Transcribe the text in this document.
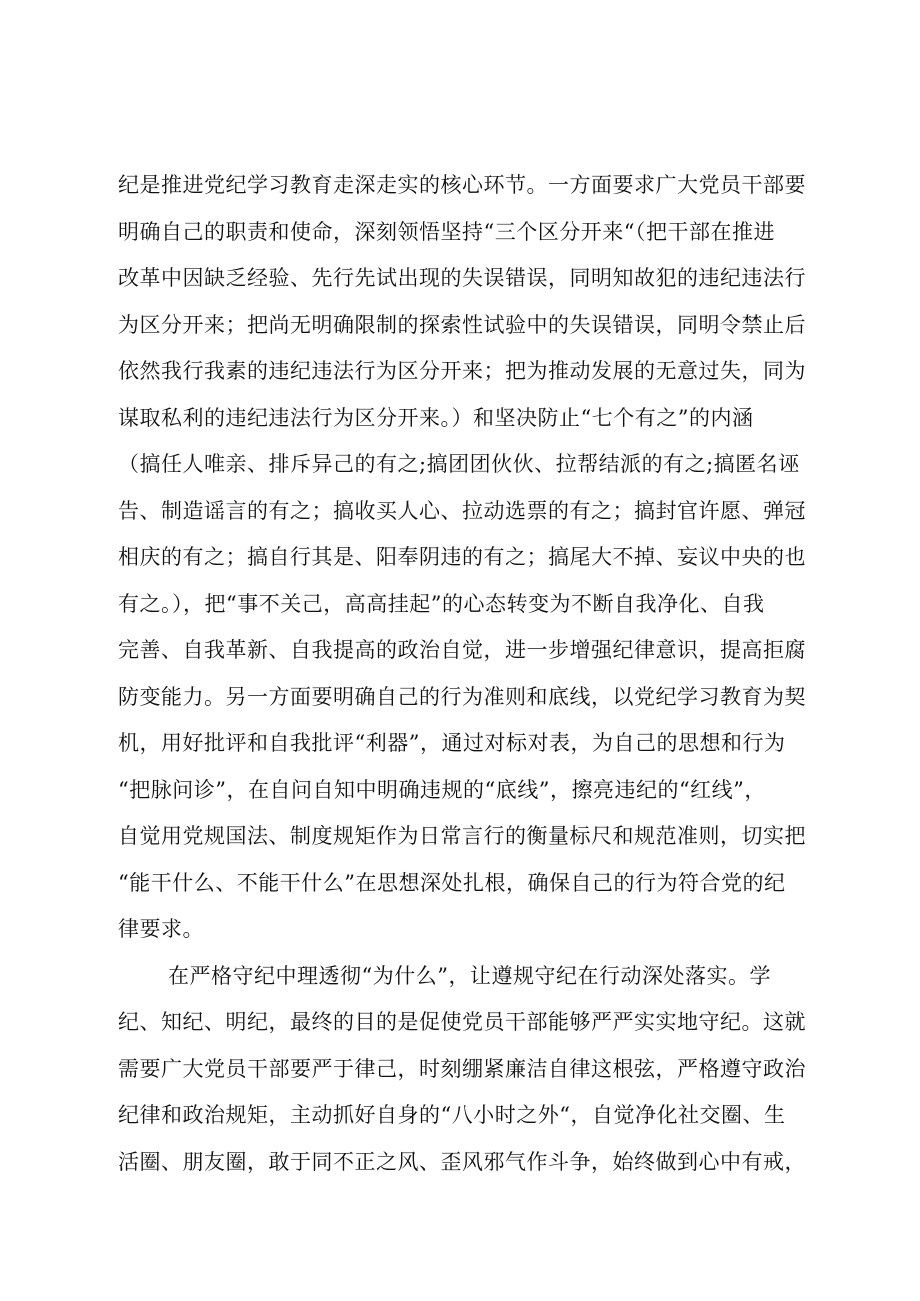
纪是推进党纪学习教育走深走实的核心环节。一方面要求广大党员干部要
明确自己的职责和使命，深刻领悟坚持“三个区分开来“（把干部在推进
改革中因缺乏经验、先行先试出现的失误错误，同明知故犯的违纪违法行
为区分开来；把尚无明确限制的探索性试验中的失误错误，同明令禁止后
依然我行我素的违纪违法行为区分开来；把为推动发展的无意过失，同为
谋取私利的违纪违法行为区分开来。）和坚决防止“七个有之”的内涵
（搞任人唯亲、排斥异己的有之;搞团团伙伙、拉帮结派的有之;搞匿名诬
告、制造谣言的有之；搞收买人心、拉动选票的有之；搞封官许愿、弹冠
相庆的有之；搞自行其是、阳奉阴违的有之；搞尾大不掉、妄议中央的也
有之。），把“事不关己，高高挂起”的心态转变为不断自我净化、自我
完善、自我革新、自我提高的政治自觉，进一步增强纪律意识，提高拒腐
防变能力。另一方面要明确自己的行为准则和底线，以党纪学习教育为契
机，用好批评和自我批评“利器”，通过对标对表，为自己的思想和行为
“把脉问诊”，在自问自知中明确违规的“底线”，擦亮违纪的“红线”，
自觉用党规国法、制度规矩作为日常言行的衡量标尺和规范准则，切实把
“能干什么、不能干什么”在思想深处扎根，确保自己的行为符合党的纪
律要求。
在严格守纪中理透彻“为什么”，让遵规守纪在行动深处落实。学
纪、知纪、明纪，最终的目的是促使党员干部能够严严实实地守纪。这就
需要广大党员干部要严于律己，时刻绷紧廉洁自律这根弦，严格遵守政治
纪律和政治规矩，主动抓好自身的“八小时之外“，自觉净化社交圈、生
活圈、朋友圈，敢于同不正之风、歪风邪气作斗争，始终做到心中有戒，
